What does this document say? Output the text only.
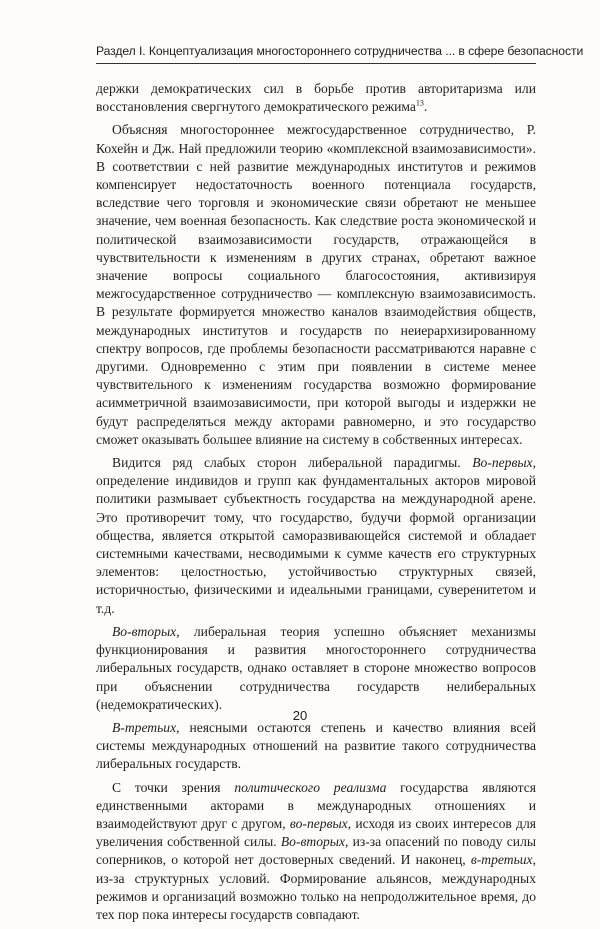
Раздел I. Концептуализация многостороннего сотрудничества ... в сфере безопасности

держки демократических сил в борьбе против авторитаризма или восстановления свергнутого демократического режима$^{13}$.

Объясняя многостороннее межгосударственное сотрудничество, Р. Кохейн и Дж. Най предложили теорию «комплексной взаимозависимости». В соответствии с ней развитие международных институтов и режимов компенсирует недостаточность военного потенциала государств, вследствие чего торговля и экономические связи обретают не меньшее значение, чем военная безопасность. Как следствие роста экономической и политической взаимозависимости государств, отражающейся в чувствительности к изменениям в других странах, обретают важное значение вопросы социального благосостояния, активизируя межгосударственное сотрудничество — комплексную взаимозависимость. В результате формируется множество каналов взаимодействия обществ, международных институтов и государств по неиерархизированному спектру вопросов, где проблемы безопасности рассматриваются наравне с другими. Одновременно с этим при появлении в системе менее чувствительного к изменениям государства возможно формирование асимметричной взаимозависимости, при которой выгоды и издержки не будут распределяться между акторами равномерно, и это государство сможет оказывать большее влияние на систему в собственных интересах.

Видится ряд слабых сторон либеральной парадигмы. Во-первых, определение индивидов и групп как фундаментальных акторов мировой политики размывает субъектность государства на международной арене. Это противоречит тому, что государство, будучи формой организации общества, является открытой саморазвивающейся системой и обладает системными качествами, несводимыми к сумме качеств его структурных элементов: целостностью, устойчивостью структурных связей, историчностью, физическими и идеальными границами, суверенитетом и т.д.

Во-вторых, либеральная теория успешно объясняет механизмы функционирования и развития многостороннего сотрудничества либеральных государств, однако оставляет в стороне множество вопросов при объяснении сотрудничества государств нелиберальных (недемократических).

В-третьих, неясными остаются степень и качество влияния всей системы международных отношений на развитие такого сотрудничества либеральных государств.

С точки зрения политического реализма государства являются единственными акторами в международных отношениях и взаимодействуют друг с другом, во-первых, исходя из своих интересов для увеличения собственной силы. Во-вторых, из-за опасений по поводу силы соперников, о которой нет достоверных сведений. И наконец, в-третьих, из-за структурных условий. Формирование альянсов, международных режимов и организаций возможно только на непродолжительное время, до тех пор пока интересы государств совпадают.

20
